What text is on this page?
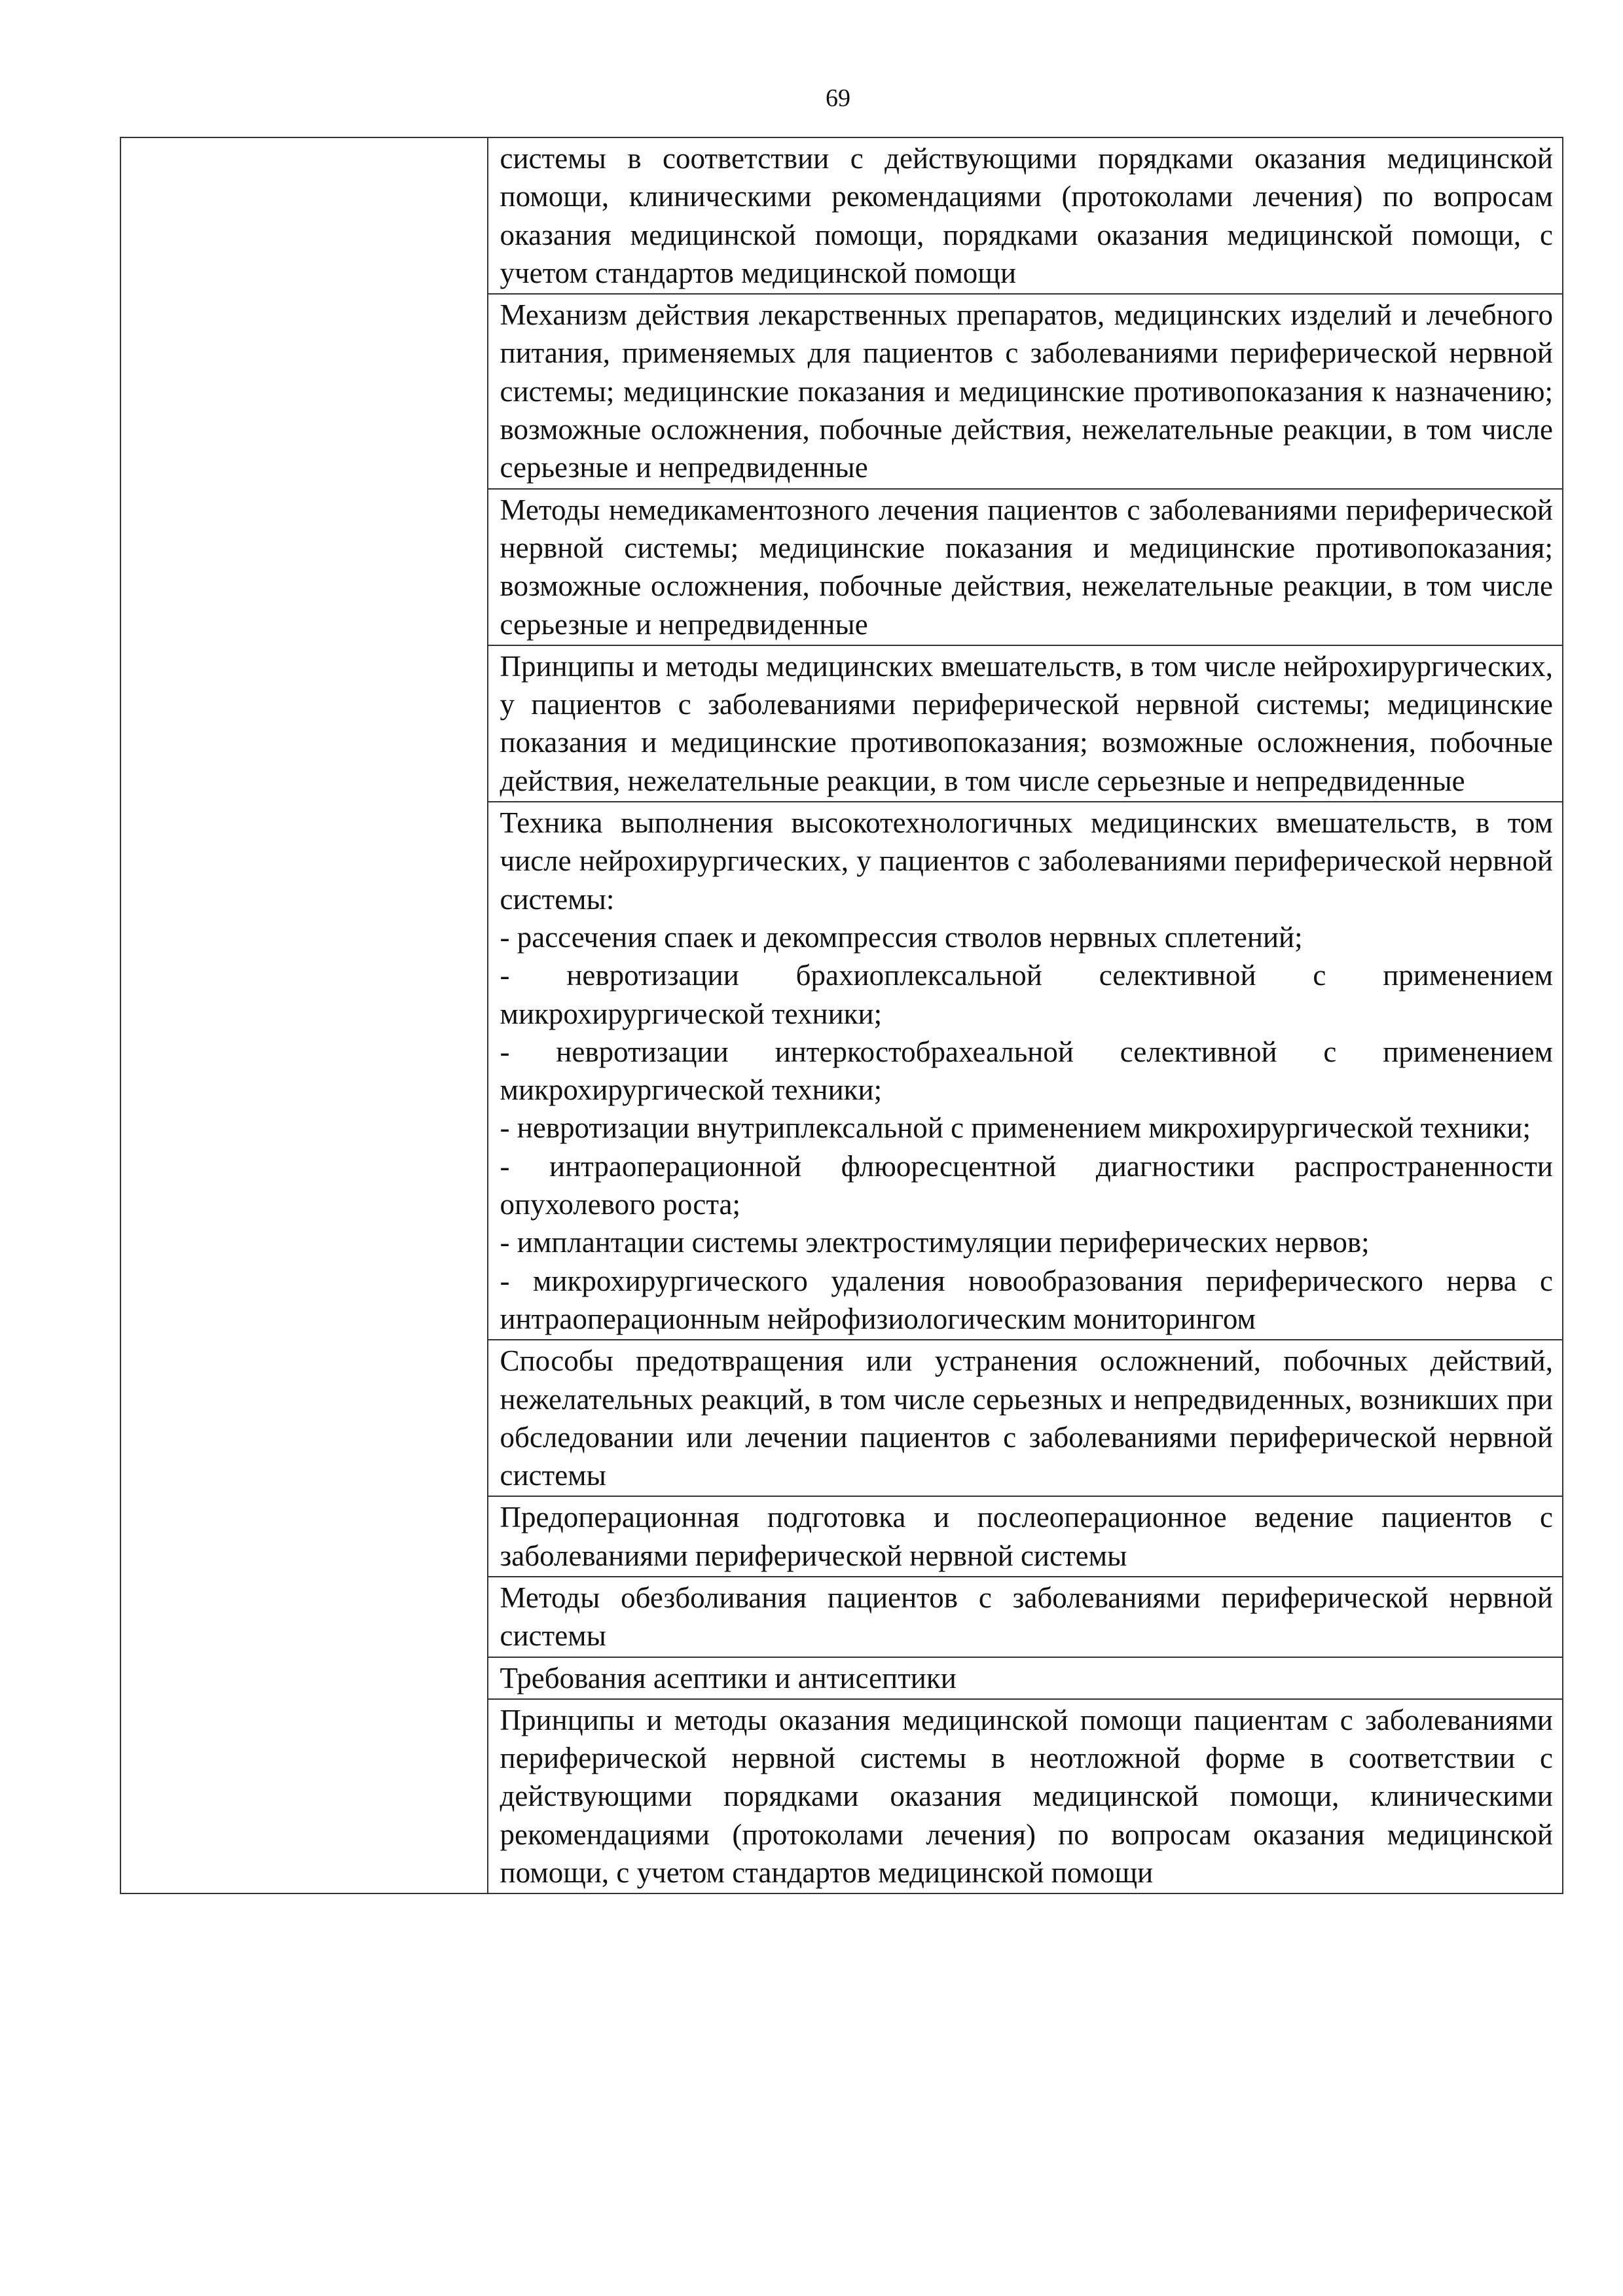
69

системы в соответствии с действующими порядками оказания медицинской помощи, клиническими рекомендациями (протоколами лечения) по вопросам оказания медицинской помощи, порядками оказания медицинской помощи, с учетом стандартов медицинской помощи

Механизм действия лекарственных препаратов, медицинских изделий и лечебного питания, применяемых для пациентов с заболеваниями периферической нервной системы; медицинские показания и медицинские противопоказания к назначению; возможные осложнения, побочные действия, нежелательные реакции, в том числе серьезные и непредвиденные

Методы немедикаментозного лечения пациентов с заболеваниями периферической нервной системы; медицинские показания и медицинские противопоказания; возможные осложнения, побочные действия, нежелательные реакции, в том числе серьезные и непредвиденные

Принципы и методы медицинских вмешательств, в том числе нейрохирургических, у пациентов с заболеваниями периферической нервной системы; медицинские показания и медицинские противопоказания; возможные осложнения, побочные действия, нежелательные реакции, в том числе серьезные и непредвиденные

Техника выполнения высокотехнологичных медицинских вмешательств, в том числе нейрохирургических, у пациентов с заболеваниями периферической нервной системы:
- рассечения спаек и декомпрессия стволов нервных сплетений;
- невротизации брахиоплексальной селективной с применением микрохирургической техники;
- невротизации интеркостобрахеальной селективной с применением микрохирургической техники;
- невротизации внутриплексальной с применением микрохирургической техники;
- интраоперационной флюоресцентной диагностики распространенности опухолевого роста;
- имплантации системы электростимуляции периферических нервов;
- микрохирургического удаления новообразования периферического нерва с интраоперационным нейрофизиологическим мониторингом

Способы предотвращения или устранения осложнений, побочных действий, нежелательных реакций, в том числе серьезных и непредвиденных, возникших при обследовании или лечении пациентов с заболеваниями периферической нервной системы

Предоперационная подготовка и послеоперационное ведение пациентов с заболеваниями периферической нервной системы

Методы обезболивания пациентов с заболеваниями периферической нервной системы

Требования асептики и антисептики

Принципы и методы оказания медицинской помощи пациентам с заболеваниями периферической нервной системы в неотложной форме в соответствии с действующими порядками оказания медицинской помощи, клиническими рекомендациями (протоколами лечения) по вопросам оказания медицинской помощи, с учетом стандартов медицинской помощи
